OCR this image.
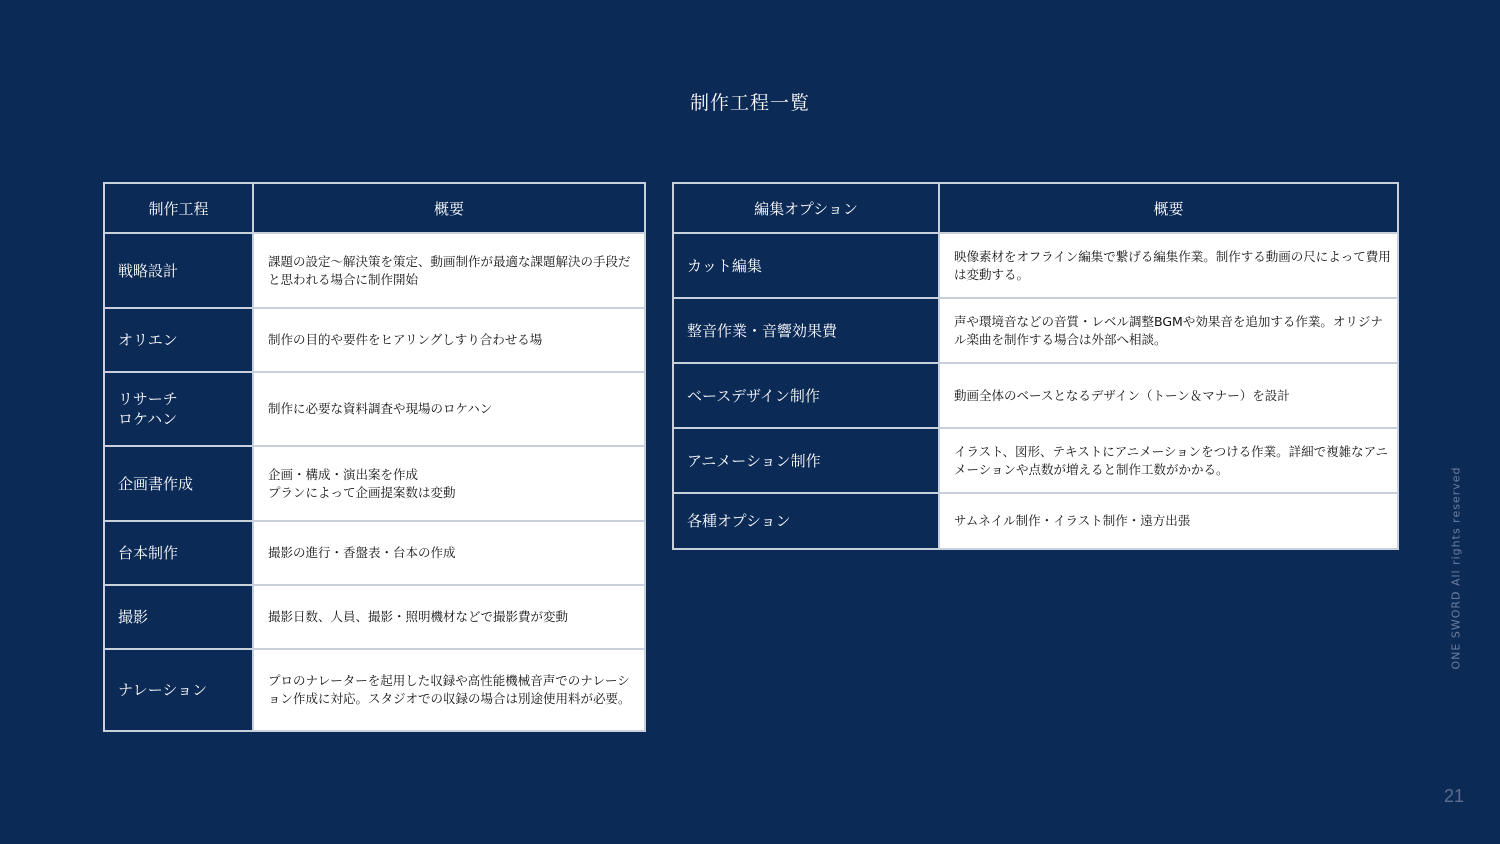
制作工程一覧
制作工程	概要
戦略設計	課題の設定～解決策を策定、動画制作が最適な課題解決の手段だと思われる場合に制作開始
オリエン	制作の目的や要件をヒアリングしすり合わせる場
リサーチ
ロケハン	制作に必要な資料調査や現場のロケハン
企画書作成	企画・構成・演出案を作成
プランによって企画提案数は変動
台本制作	撮影の進行・香盤表・台本の作成
撮影	撮影日数、人員、撮影・照明機材などで撮影費が変動
ナレーション	プロのナレーターを起用した収録や高性能機械音声でのナレーション作成に対応。スタジオでの収録の場合は別途使用料が必要。
編集オプション	概要
カット編集	映像素材をオフライン編集で繋げる編集作業。制作する動画の尺によって費用は変動する。
整音作業・音響効果費	声や環境音などの音質・レベル調整BGMや効果音を追加する作業。オリジナル楽曲を制作する場合は外部へ相談。
ベースデザイン制作	動画全体のベースとなるデザイン（トーン＆マナー）を設計
アニメーション制作	イラスト、図形、テキストにアニメーションをつける作業。詳細で複雑なアニメーションや点数が増えると制作工数がかかる。
各種オプション	サムネイル制作・イラスト制作・遠方出張	ONE SWORD All rights reserved
21
